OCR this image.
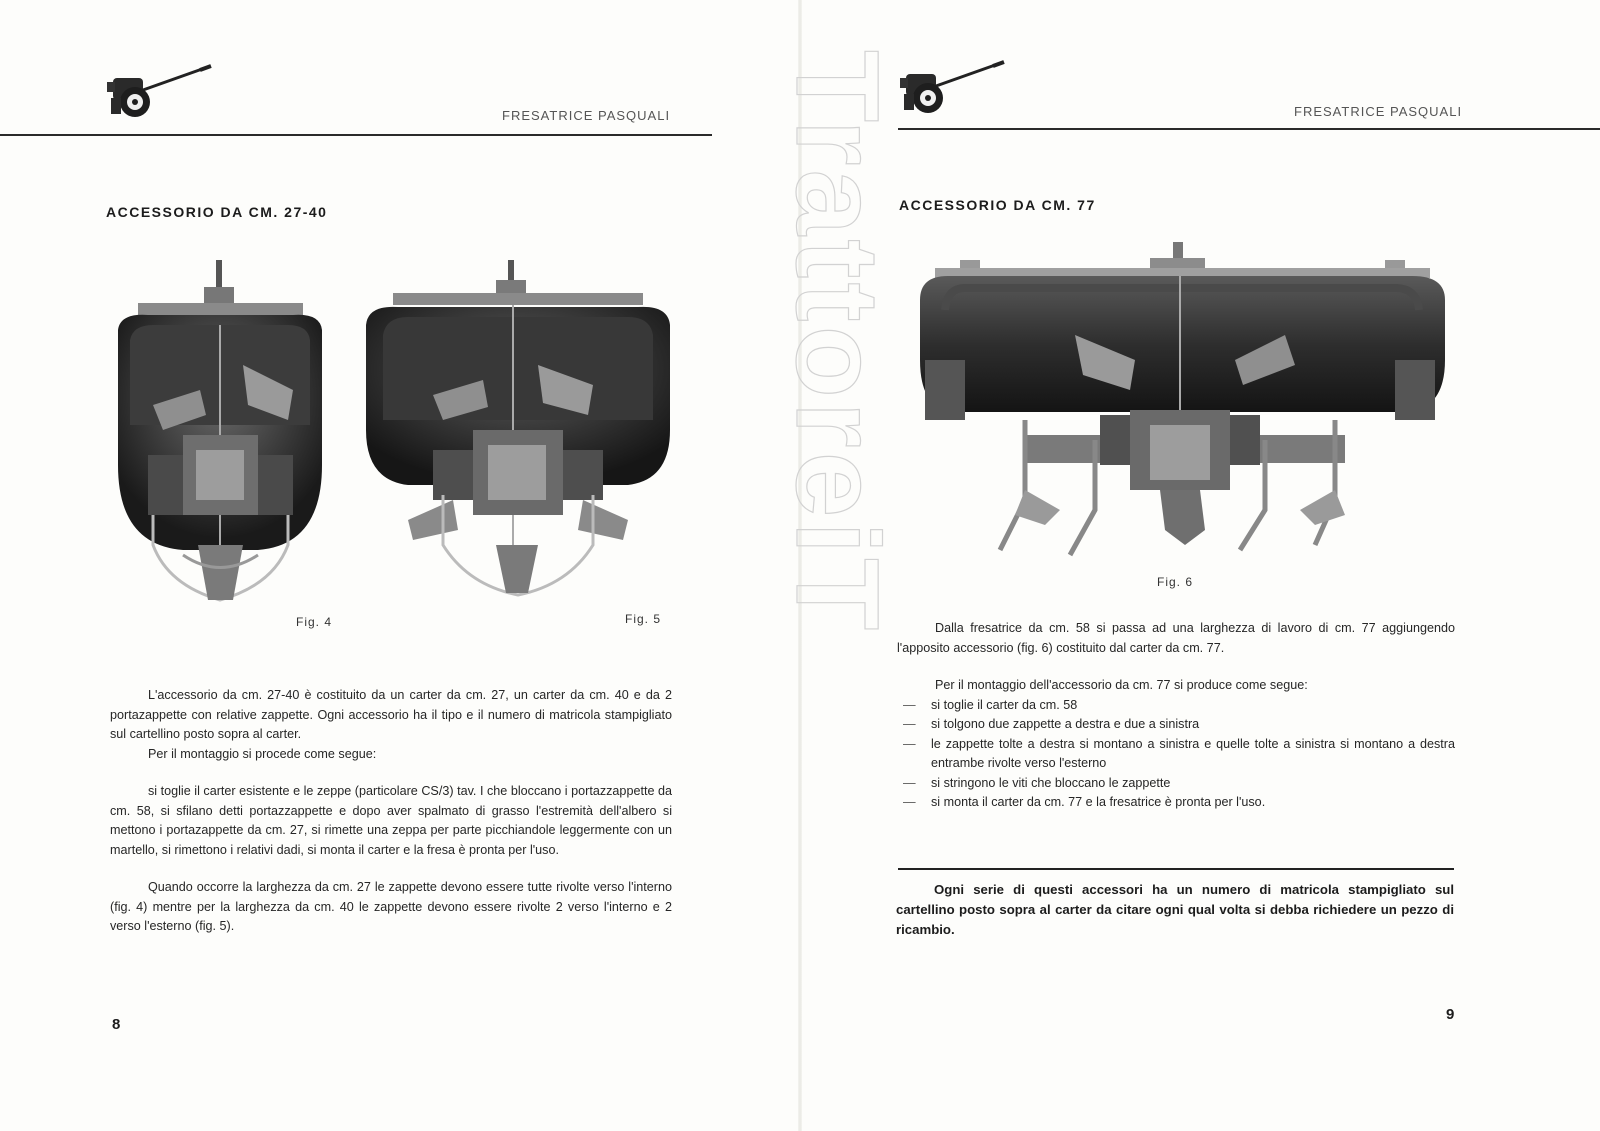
FRESATRICE PASQUALI
ACCESSORIO DA CM. 27-40
Fig. 4	Fig. 5

L'accessorio da cm. 27-40 è costituito da un carter da cm. 27, un carter da cm. 40 e da 2 portazappette con relative zappette. Ogni accessorio ha il tipo e il numero di matricola stampigliato sul cartellino posto sopra al carter.

Per il montaggio si procede come segue:

si toglie il carter esistente e le zeppe (particolare CS/3) tav. I che bloccano i portazzappette da cm. 58, si sfilano detti portazzappette e dopo aver spalmato di grasso l'estremità dell'albero si mettono i portazappette da cm. 27, si rimette una zeppa per parte picchiandole leggermente con un martello, si rimettono i relativi dadi, si monta il carter e la fresa è pronta per l'uso.

Quando occorre la larghezza da cm. 27 le zappette devono essere tutte rivolte verso l'interno (fig. 4) mentre per la larghezza da cm. 40 le zappette devono essere rivolte 2 verso l'interno e 2 verso l'esterno (fig. 5).

8
FRESATRICE PASQUALI
ACCESSORIO DA CM. 77
Fig. 6

Dalla fresatrice da cm. 58 si passa ad una larghezza di lavoro di cm. 77 aggiungendo l'apposito accessorio (fig. 6) costituito dal carter da cm. 77.

Per il montaggio dell'accessorio da cm. 77 si produce come segue:

— si toglie il carter da cm. 58
— si tolgono due zappette a destra e due a sinistra
— le zappette tolte a destra si montano a sinistra e quelle tolte a sinistra si montano a destra entrambe rivolte verso l'esterno
— si stringono le viti che bloccano le zappette
— si monta il carter da cm. 77 e la fresatrice è pronta per l'uso.
Ogni serie di questi accessori ha un numero di matricola stampigliato sul cartellino posto sopra al carter da citare ogni qual volta si debba richiedere un pezzo di ricambio.
9
TrattoreiT
